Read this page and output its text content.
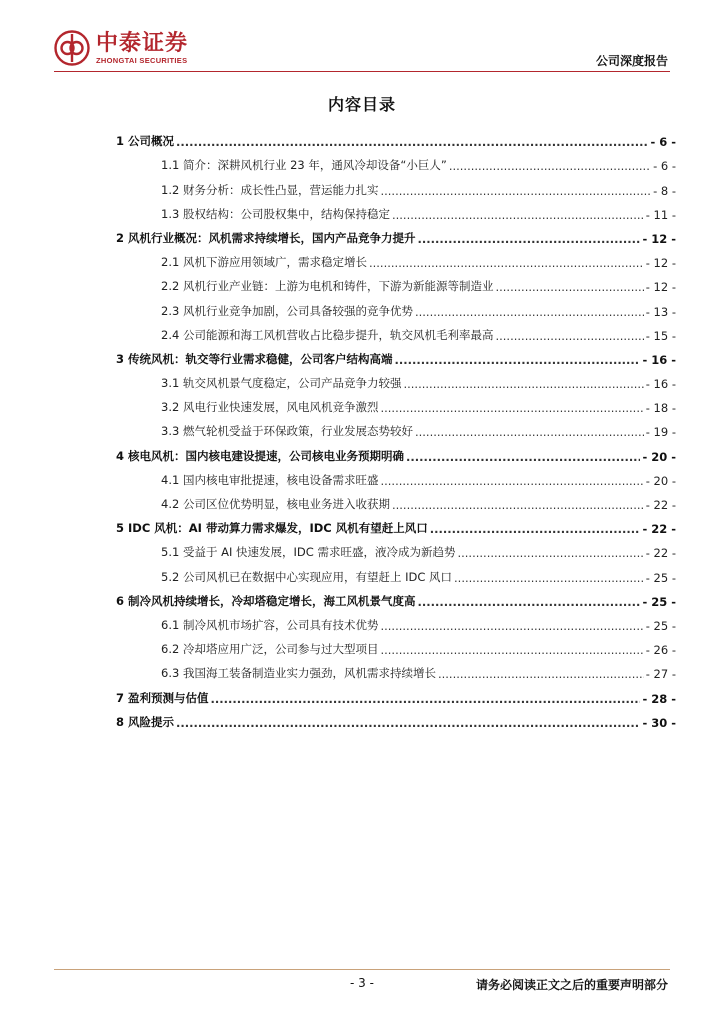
中泰证券
ZHONGTAI SECURITIES	公司深度报告
内容目录
1 公司概况 .....	- 6 -
1.1 简介：深耕风机行业 23 年，通风冷却设备“小巨人” .....	- 6 -
1.2 财务分析：成长性凸显，营运能力扎实 .....	- 8 -
1.3 股权结构：公司股权集中，结构保持稳定 .....	- 11 -
2 风机行业概况：风机需求持续增长，国内产品竞争力提升 .....	- 12 -
2.1 风机下游应用领域广，需求稳定增长 .....	- 12 -
2.2 风机行业产业链：上游为电机和铸件，下游为新能源等制造业 .....	- 12 -
2.3 风机行业竞争加剧，公司具备较强的竞争优势 .....	- 13 -
2.4 公司能源和海工风机营收占比稳步提升，轨交风机毛利率最高 .....	- 15 -
3 传统风机：轨交等行业需求稳健，公司客户结构高端 .....	- 16 -
3.1 轨交风机景气度稳定，公司产品竞争力较强 .....	- 16 -
3.2 风电行业快速发展，风电风机竞争激烈 .....	- 18 -
3.3 燃气轮机受益于环保政策，行业发展态势较好 .....	- 19 -
4 核电风机：国内核电建设提速，公司核电业务预期明确 .....	- 20 -
4.1 国内核电审批提速，核电设备需求旺盛 .....	- 20 -
4.2 公司区位优势明显，核电业务进入收获期 .....	- 22 -
5 IDC 风机：AI 带动算力需求爆发，IDC 风机有望赶上风口 .....	- 22 -
5.1 受益于 AI 快速发展，IDC 需求旺盛，液冷成为新趋势 .....	- 22 -
5.2 公司风机已在数据中心实现应用，有望赶上 IDC 风口 .....	- 25 -
6 制冷风机持续增长，冷却塔稳定增长，海工风机景气度高 .....	- 25 -
6.1 制冷风机市场扩容，公司具有技术优势 .....	- 25 -
6.2 冷却塔应用广泛，公司参与过大型项目 .....	- 26 -
6.3 我国海工装备制造业实力强劲，风机需求持续增长 .....	- 27 -
7 盈利预测与估值 .....	- 28 -
8 风险提示 .....	- 30 -
- 3 -	请务必阅读正文之后的重要声明部分
